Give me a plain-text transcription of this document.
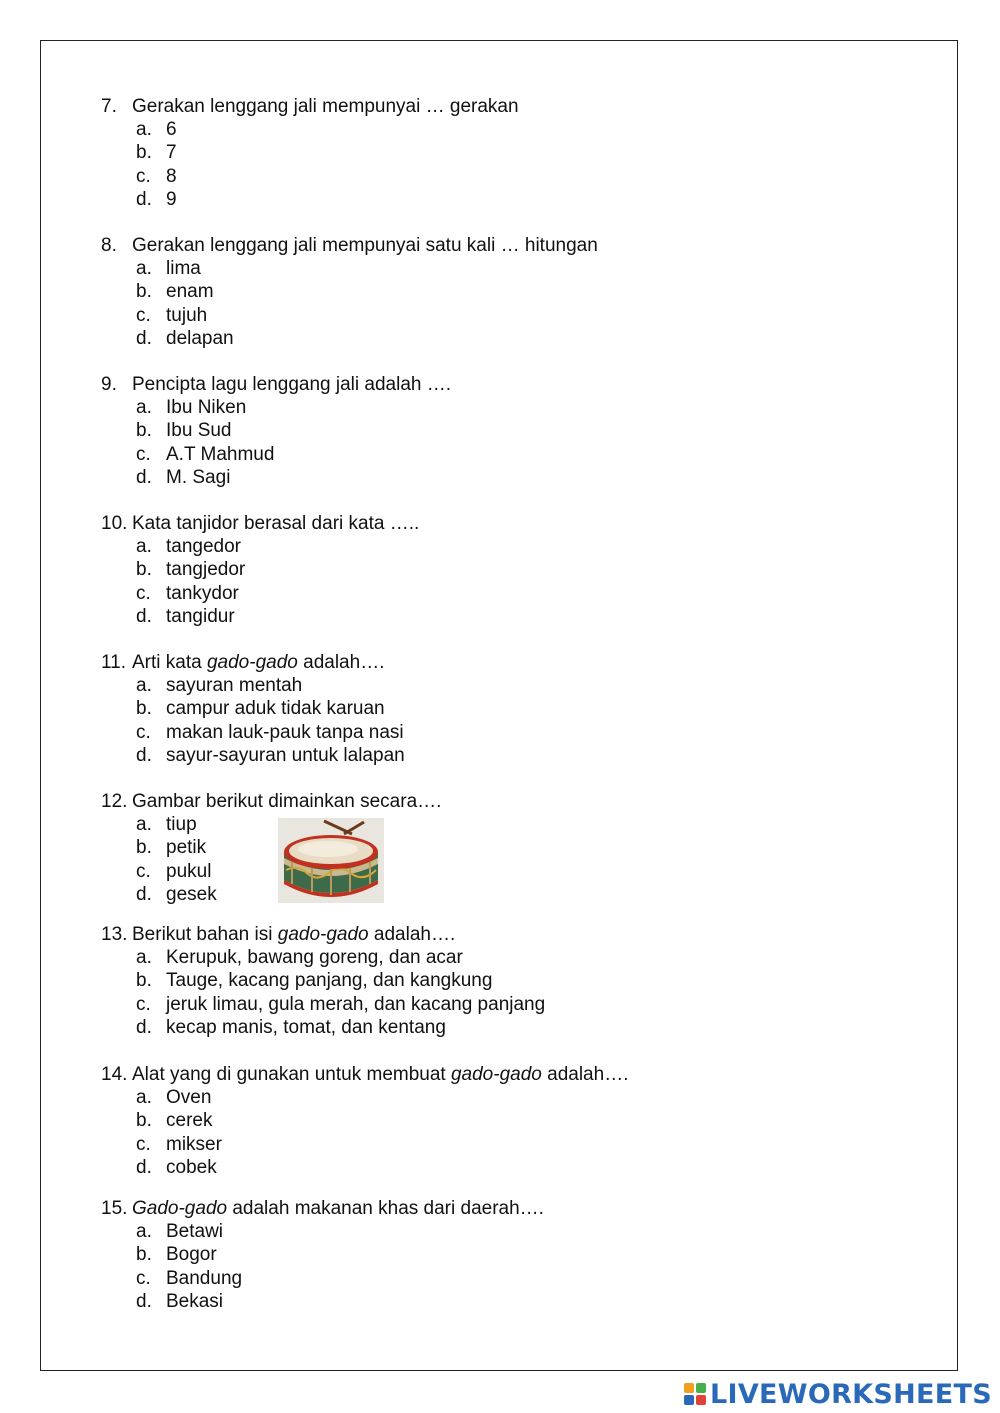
7. Gerakan lenggang jali mempunyai … gerakan
a. 6
b. 7
c. 8
d. 9
8. Gerakan lenggang jali mempunyai satu kali … hitungan
a. lima
b. enam
c. tujuh
d. delapan
9. Pencipta lagu lenggang jali adalah ….
a. Ibu Niken
b. Ibu Sud
c. A.T Mahmud
d. M. Sagi
10. Kata tanjidor berasal dari kata …..
a. tangedor
b. tangjedor
c. tankydor
d. tangidur
11. Arti kata gado-gado adalah….
a. sayuran mentah
b. campur aduk tidak karuan
c. makan lauk-pauk tanpa nasi
d. sayur-sayuran untuk lalapan
12. Gambar berikut dimainkan secara….
a. tiup
b. petik
c. pukul
d. gesek
13. Berikut bahan isi gado-gado adalah….
a. Kerupuk, bawang goreng, dan acar
b. Tauge, kacang panjang, dan kangkung
c. jeruk limau, gula merah, dan kacang panjang
d. kecap manis, tomat, dan kentang
14. Alat yang di gunakan untuk membuat gado-gado adalah….
a. Oven
b. cerek
c. mikser
d. cobek
15. Gado-gado adalah makanan khas dari daerah….
a. Betawi
b. Bogor
c. Bandung
d. Bekasi
LIVEWORKSHEETS
